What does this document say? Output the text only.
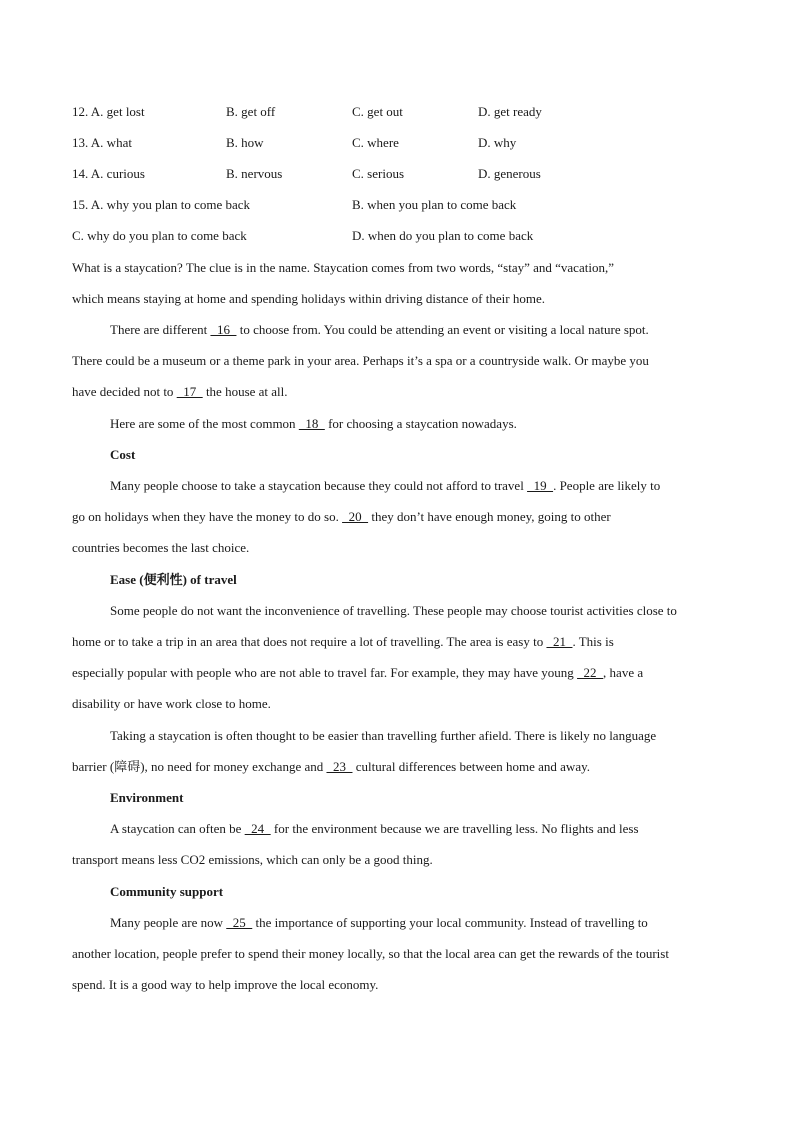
12. A. get lost	B. get off	C. get out	D. get ready
13. A. what	B. how	C. where	D. why
14. A. curious	B. nervous	C. serious	D. generous
15. A. why you plan to come back	B. when you plan to come back
C. why do you plan to come back	D. when do you plan to come back
What is a staycation? The clue is in the name. Staycation comes from two words, “stay” and “vacation,”
which means staying at home and spending holidays within driving distance of their home.
There are different   16   to choose from. You could be attending an event or visiting a local nature spot.
There could be a museum or a theme park in your area. Perhaps it’s a spa or a countryside walk. Or maybe you
have decided not to   17   the house at all.
Here are some of the most common   18   for choosing a staycation nowadays.
Cost
Many people choose to take a staycation because they could not afford to travel   19  . People are likely to
go on holidays when they have the money to do so.   20   they don’t have enough money, going to other
countries becomes the last choice.
Ease (便利性) of travel
Some people do not want the inconvenience of travelling. These people may choose tourist activities close to
home or to take a trip in an area that does not require a lot of travelling. The area is easy to   21  . This is
especially popular with people who are not able to travel far. For example, they may have young   22  , have a
disability or have work close to home.
Taking a staycation is often thought to be easier than travelling further afield. There is likely no language
barrier (障碍), no need for money exchange and   23   cultural differences between home and away.
Environment
A staycation can often be   24   for the environment because we are travelling less. No flights and less
transport means less CO2 emissions, which can only be a good thing.
Community support
Many people are now   25   the importance of supporting your local community. Instead of travelling to
another location, people prefer to spend their money locally, so that the local area can get the rewards of the tourist
spend. It is a good way to help improve the local economy.
